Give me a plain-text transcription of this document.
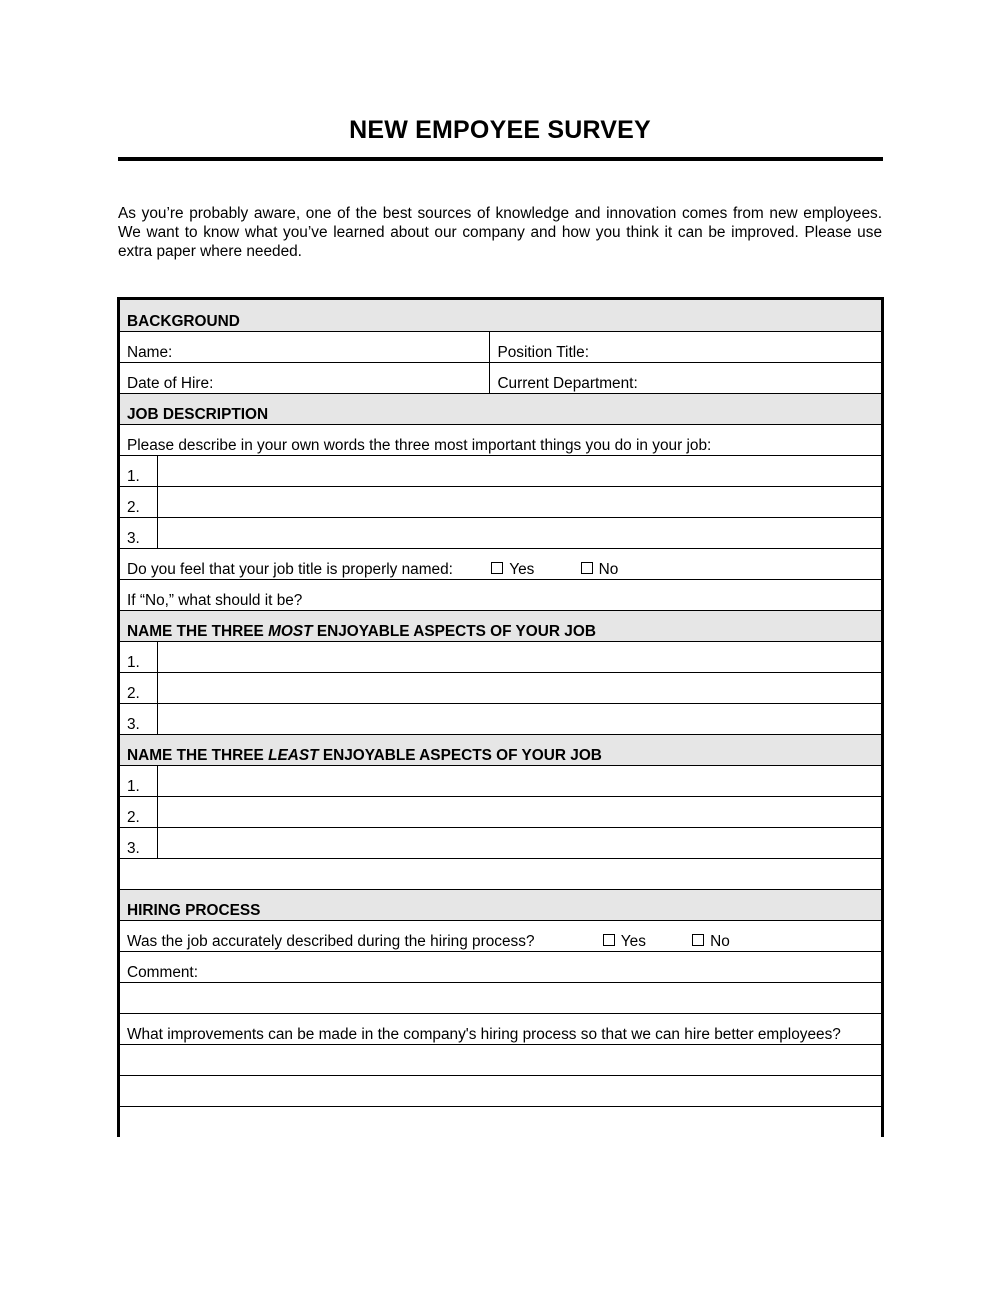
NEW EMPOYEE SURVEY
As you’re probably aware, one of the best sources of knowledge and innovation comes from new employees. We want to know what you’ve learned about our company and how you think it can be improved. Please use extra paper where needed.
BACKGROUND		
Name:		Position Title:
Date of Hire:		Current Department:
JOB DESCRIPTION		
Please describe in your own words the three most important things you do in your job:		
1.		
2.		
3.		
Do you feel that your job title is properly named: Yes No		
If “No,” what should it be?		
NAME THE THREE MOST ENJOYABLE ASPECTS OF YOUR JOB		
1.		
2.		
3.		
NAME THE THREE LEAST ENJOYABLE ASPECTS OF YOUR JOB		
1.		
2.		
3.		

HIRING PROCESS		
Was the job accurately described during the hiring process? Yes No		
Comment:		

What improvements can be made in the company's hiring process so that we can hire better employees?		
